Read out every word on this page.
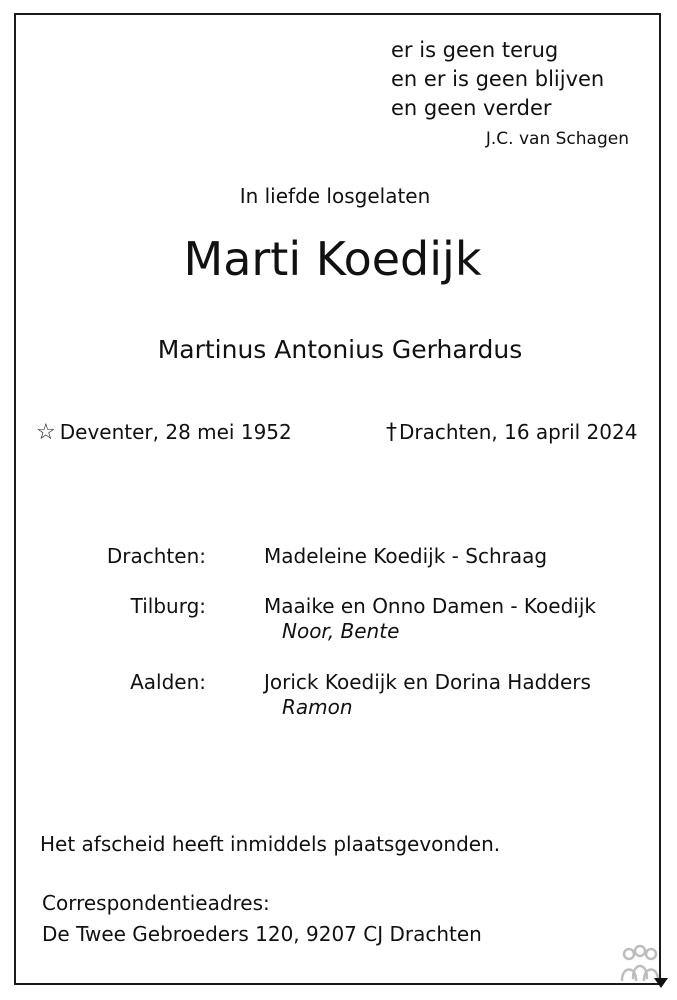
er is geen terug
en er is geen blijven
en geen verder
J.C. van Schagen
In liefde losgelaten
Marti Koedijk
Martinus Antonius Gerhardus
☆ Deventer, 28 mei 1952	† Drachten, 16 april 2024
Drachten:	Madeleine Koedijk - Schraag
Tilburg:	Maaike en Onno Damen - Koedijk
Noor, Bente
Aalden:	Jorick Koedijk en Dorina Hadders
Ramon
Het afscheid heeft inmiddels plaatsgevonden.
Correspondentieadres:
De Twee Gebroeders 120, 9207 CJ Drachten
